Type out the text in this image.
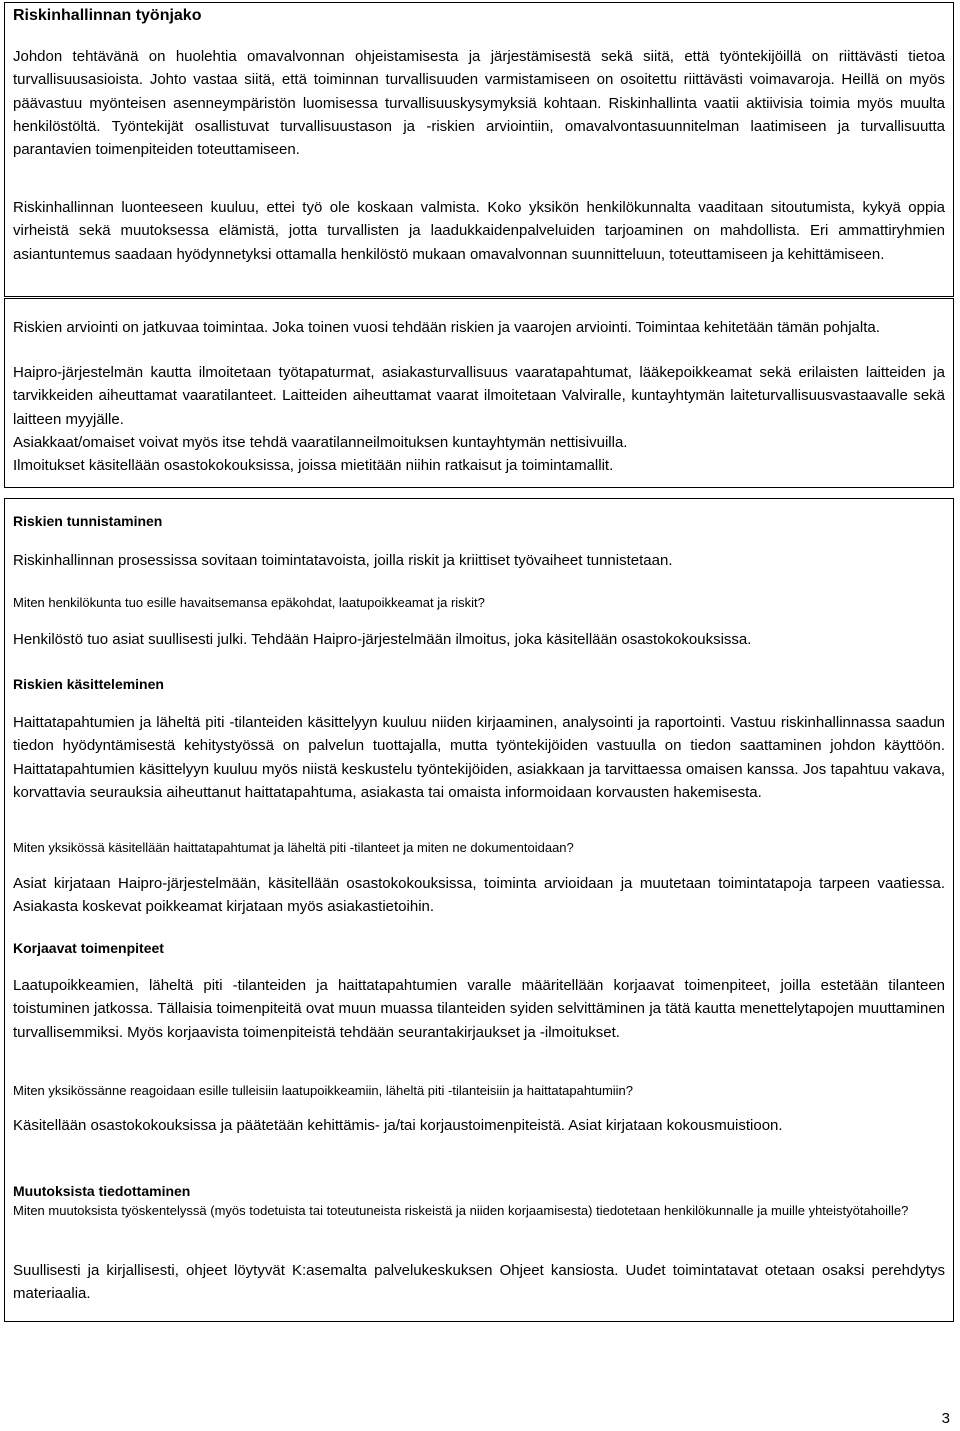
Riskinhallinnan työnjako

Johdon tehtävänä on huolehtia omavalvonnan ohjeistamisesta ja järjestämisestä sekä siitä, että työntekijöillä on riittävästi tietoa turvallisuusasioista. Johto vastaa siitä, että toiminnan turvallisuuden varmistamiseen on osoitettu riittävästi voimavaroja. Heillä on myös päävastuu myönteisen asenneympäristön luomisessa turvallisuuskysymyksiä kohtaan. Riskinhallinta vaatii aktiivisia toimia myös muulta henkilöstöltä. Työntekijät osallistuvat turvallisuustason ja -riskien arviointiin, omavalvontasuunnitelman laatimiseen ja turvallisuutta parantavien toimenpiteiden toteuttamiseen.

Riskinhallinnan luonteeseen kuuluu, ettei työ ole koskaan valmista. Koko yksikön henkilökunnalta vaaditaan sitoutumista, kykyä oppia virheistä sekä muutoksessa elämistä, jotta turvallisten ja laadukkaidenpalveluiden tarjoaminen on mahdollista. Eri ammattiryhmien asiantuntemus saadaan hyödynnetyksi ottamalla henkilöstö mukaan omavalvonnan suunnitteluun, toteuttamiseen ja kehittämiseen.

Riskien arviointi on jatkuvaa toimintaa. Joka toinen vuosi tehdään riskien ja vaarojen arviointi. Toimintaa kehitetään tämän pohjalta.

Haipro-järjestelmän kautta ilmoitetaan työtapaturmat, asiakasturvallisuus vaaratapahtumat, lääkepoikkeamat sekä erilaisten laitteiden ja tarvikkeiden aiheuttamat vaaratilanteet. Laitteiden aiheuttamat vaarat ilmoitetaan Valviralle, kuntayhtymän laiteturvallisuusvastaavalle sekä laitteen myyjälle.

Asiakkaat/omaiset voivat myös itse tehdä vaaratilanneilmoituksen kuntayhtymän nettisivuilla.

Ilmoitukset käsitellään osastokokouksissa, joissa mietitään niihin ratkaisut ja toimintamallit.

Riskien tunnistaminen

Riskinhallinnan prosessissa sovitaan toimintatavoista, joilla riskit ja kriittiset työvaiheet tunnistetaan.

Miten henkilökunta tuo esille havaitsemansa epäkohdat, laatupoikkeamat ja riskit?

Henkilöstö tuo asiat suullisesti julki. Tehdään Haipro-järjestelmään ilmoitus, joka käsitellään osastokokouksissa.

Riskien käsitteleminen

Haittatapahtumien ja läheltä piti -tilanteiden käsittelyyn kuuluu niiden kirjaaminen, analysointi ja raportointi. Vastuu riskinhallinnassa saadun tiedon hyödyntämisestä kehitystyössä on palvelun tuottajalla, mutta työntekijöiden vastuulla on tiedon saattaminen johdon käyttöön. Haittatapahtumien käsittelyyn kuuluu myös niistä keskustelu työntekijöiden, asiakkaan ja tarvittaessa omaisen kanssa. Jos tapahtuu vakava, korvattavia seurauksia aiheuttanut haittatapahtuma, asiakasta tai omaista informoidaan korvausten hakemisesta.

Miten yksikössä käsitellään haittatapahtumat ja läheltä piti -tilanteet ja miten ne dokumentoidaan?

Asiat kirjataan Haipro-järjestelmään, käsitellään osastokokouksissa, toiminta arvioidaan ja muutetaan toimintatapoja tarpeen vaatiessa. Asiakasta koskevat poikkeamat kirjataan myös asiakastietoihin.

Korjaavat toimenpiteet

Laatupoikkeamien, läheltä piti -tilanteiden ja haittatapahtumien varalle määritellään korjaavat toimenpiteet, joilla estetään tilanteen toistuminen jatkossa. Tällaisia toimenpiteitä ovat muun muassa tilanteiden syiden selvittäminen ja tätä kautta menettelytapojen muuttaminen turvallisemmiksi. Myös korjaavista toimenpiteistä tehdään seurantakirjaukset ja -ilmoitukset.

Miten yksikössänne reagoidaan esille tulleisiin laatupoikkeamiin, läheltä piti -tilanteisiin ja haittatapahtumiin?

Käsitellään osastokokouksissa ja päätetään kehittämis- ja/tai korjaustoimenpiteistä. Asiat kirjataan kokousmuistioon.

Muutoksista tiedottaminen

Miten muutoksista työskentelyssä (myös todetuista tai toteutuneista riskeistä ja niiden korjaamisesta) tiedotetaan henkilökunnalle ja muille yhteistyötahoille?

Suullisesti ja kirjallisesti, ohjeet löytyvät K:asemalta palvelukeskuksen Ohjeet kansiosta. Uudet toimintatavat otetaan osaksi perehdytys materiaalia.

3
